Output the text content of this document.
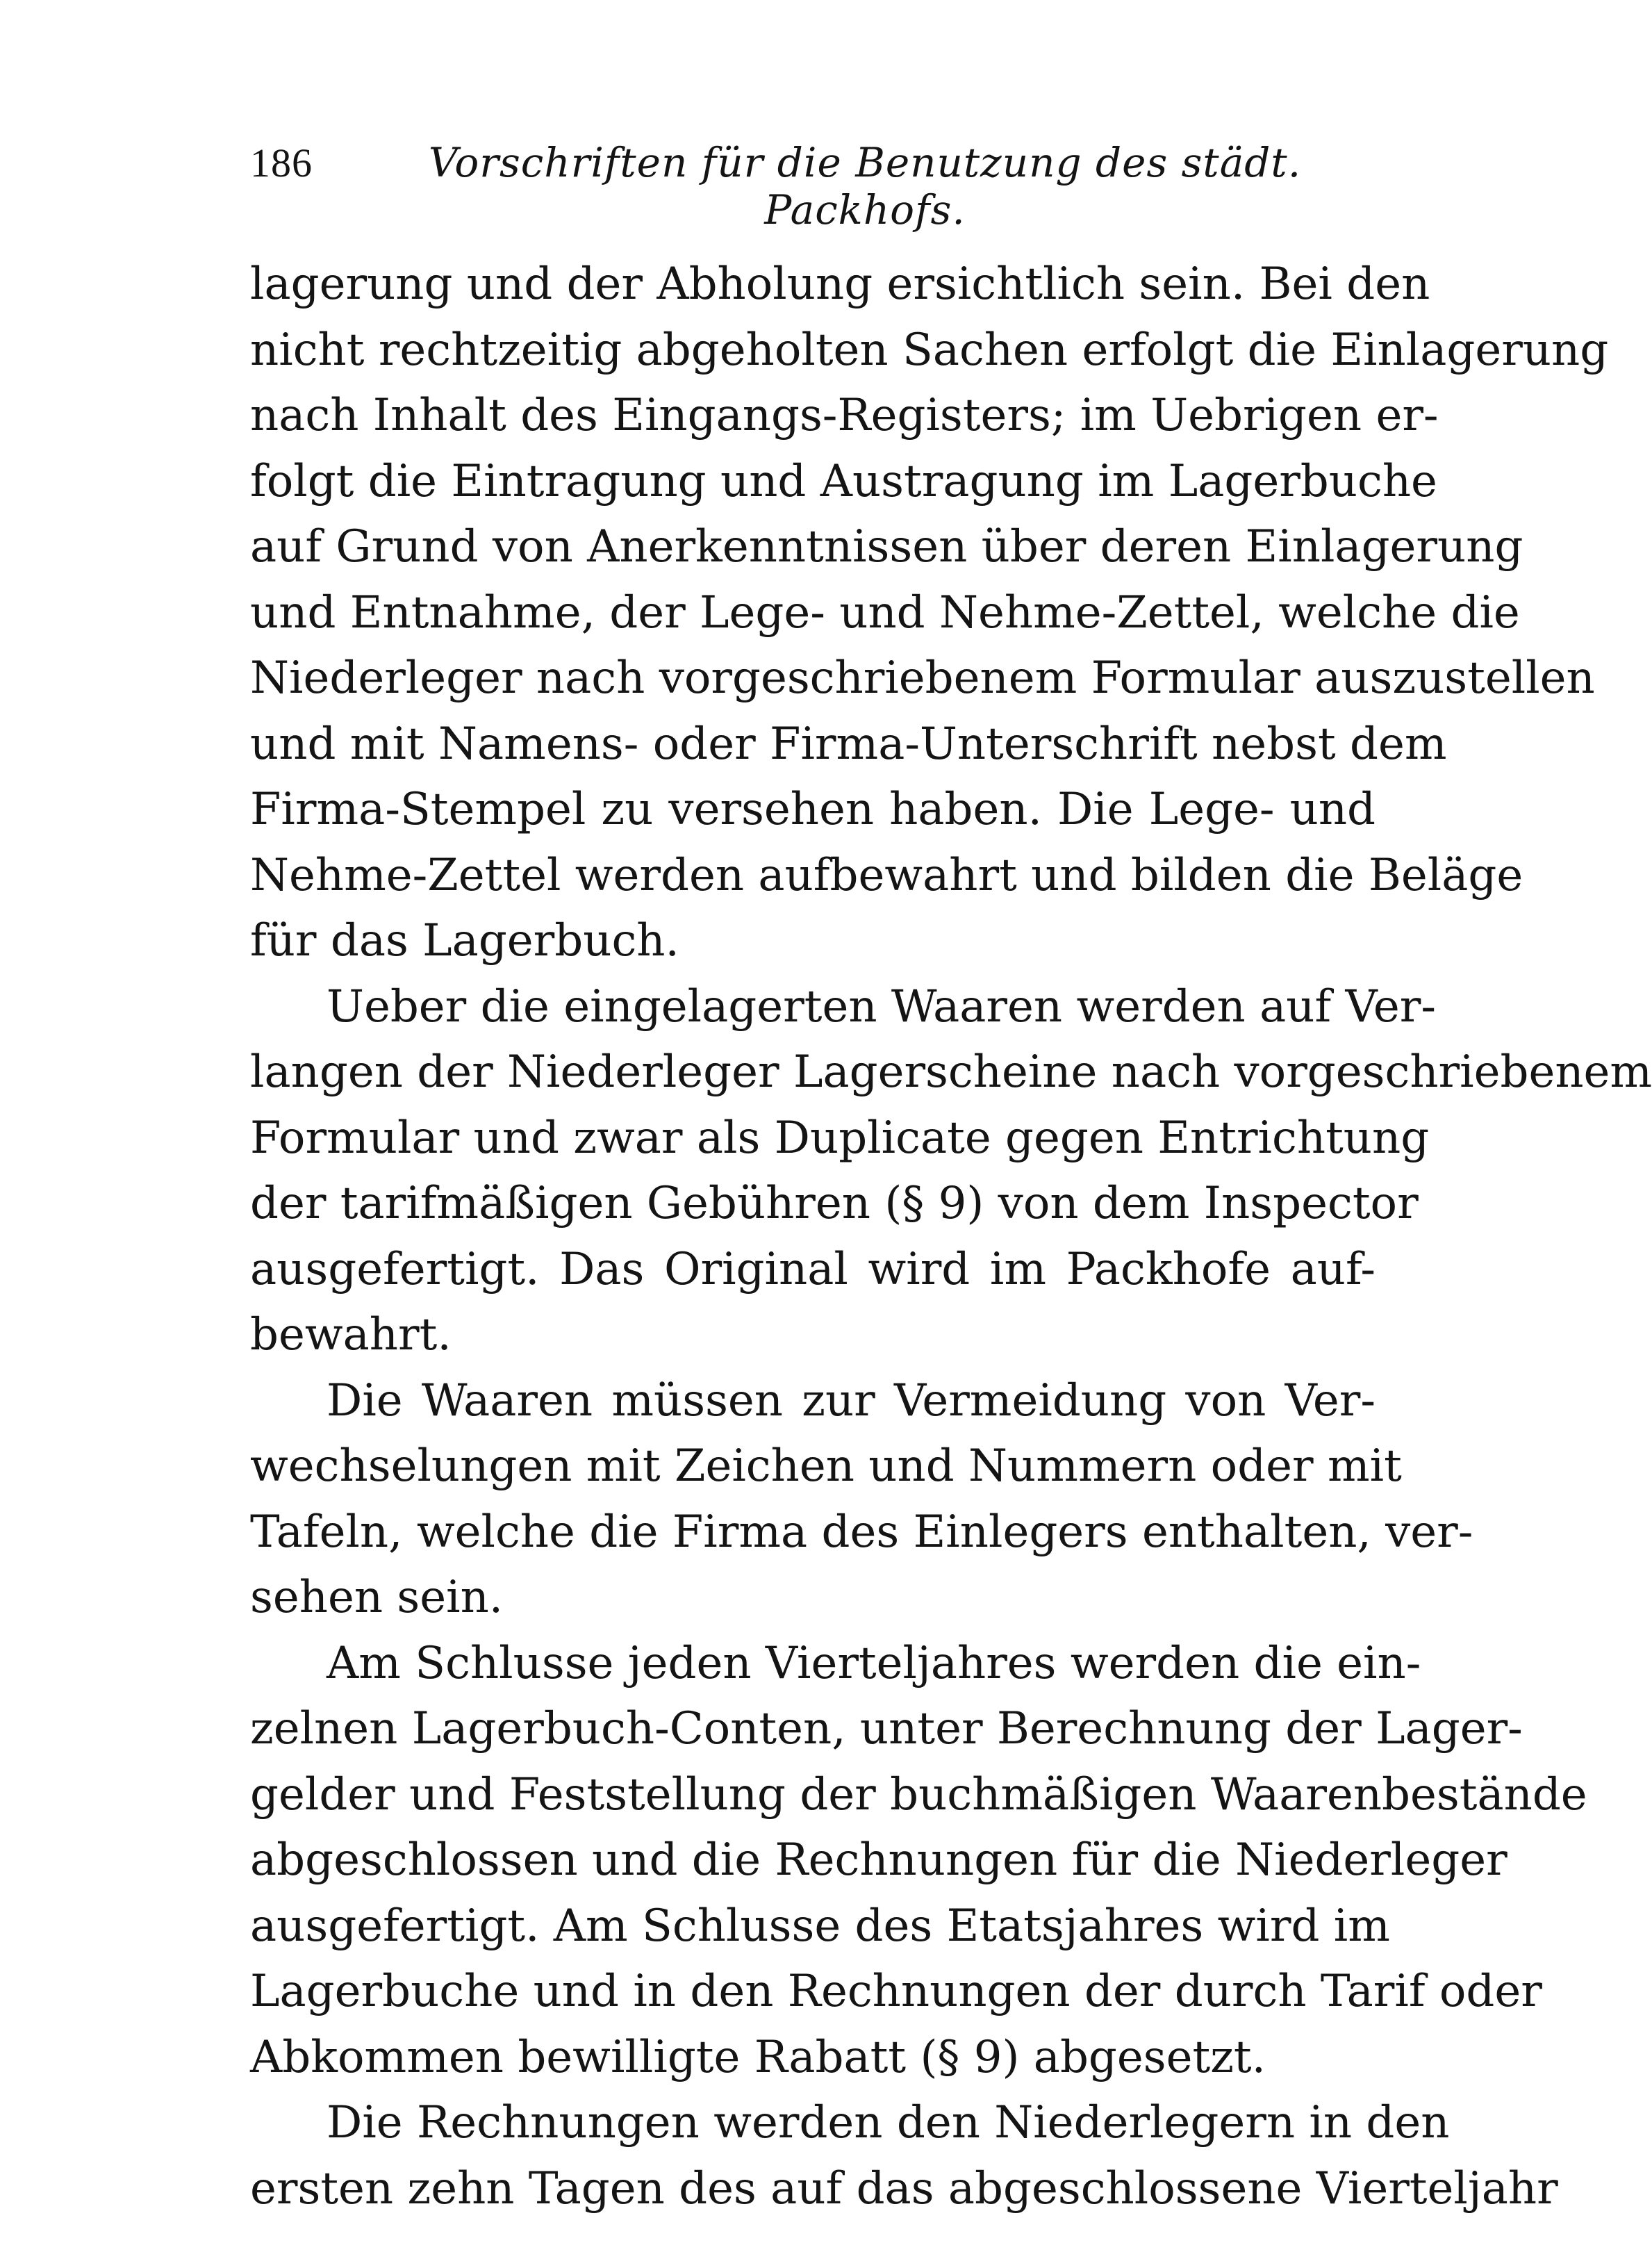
186	Vorschriften für die Benutzung des städt. Packhofs.
lagerung und der Abholung ersichtlich sein. Bei den
nicht rechtzeitig abgeholten Sachen erfolgt die Einlagerung
nach Inhalt des Eingangs-Registers; im Uebrigen er-
folgt die Eintragung und Austragung im Lagerbuche
auf Grund von Anerkenntnissen über deren Einlagerung
und Entnahme, der Lege- und Nehme-Zettel, welche die
Niederleger nach vorgeschriebenem Formular auszustellen
und mit Namens- oder Firma-Unterschrift nebst dem
Firma-Stempel zu versehen haben. Die Lege- und
Nehme-Zettel werden aufbewahrt und bilden die Beläge
für das Lagerbuch.
Ueber die eingelagerten Waaren werden auf Ver-
langen der Niederleger Lagerscheine nach vorgeschriebenem
Formular und zwar als Duplicate gegen Entrichtung
der tarifmäßigen Gebühren (§ 9) von dem Inspector
ausgefertigt. Das Original wird im Packhofe auf-
bewahrt.
Die Waaren müssen zur Vermeidung von Ver-
wechselungen mit Zeichen und Nummern oder mit
Tafeln, welche die Firma des Einlegers enthalten, ver-
sehen sein.
Am Schlusse jeden Vierteljahres werden die ein-
zelnen Lagerbuch-Conten, unter Berechnung der Lager-
gelder und Feststellung der buchmäßigen Waarenbestände
abgeschlossen und die Rechnungen für die Niederleger
ausgefertigt. Am Schlusse des Etatsjahres wird im
Lagerbuche und in den Rechnungen der durch Tarif oder
Abkommen bewilligte Rabatt (§ 9) abgesetzt.
Die Rechnungen werden den Niederlegern in den
ersten zehn Tagen des auf das abgeschlossene Vierteljahr
